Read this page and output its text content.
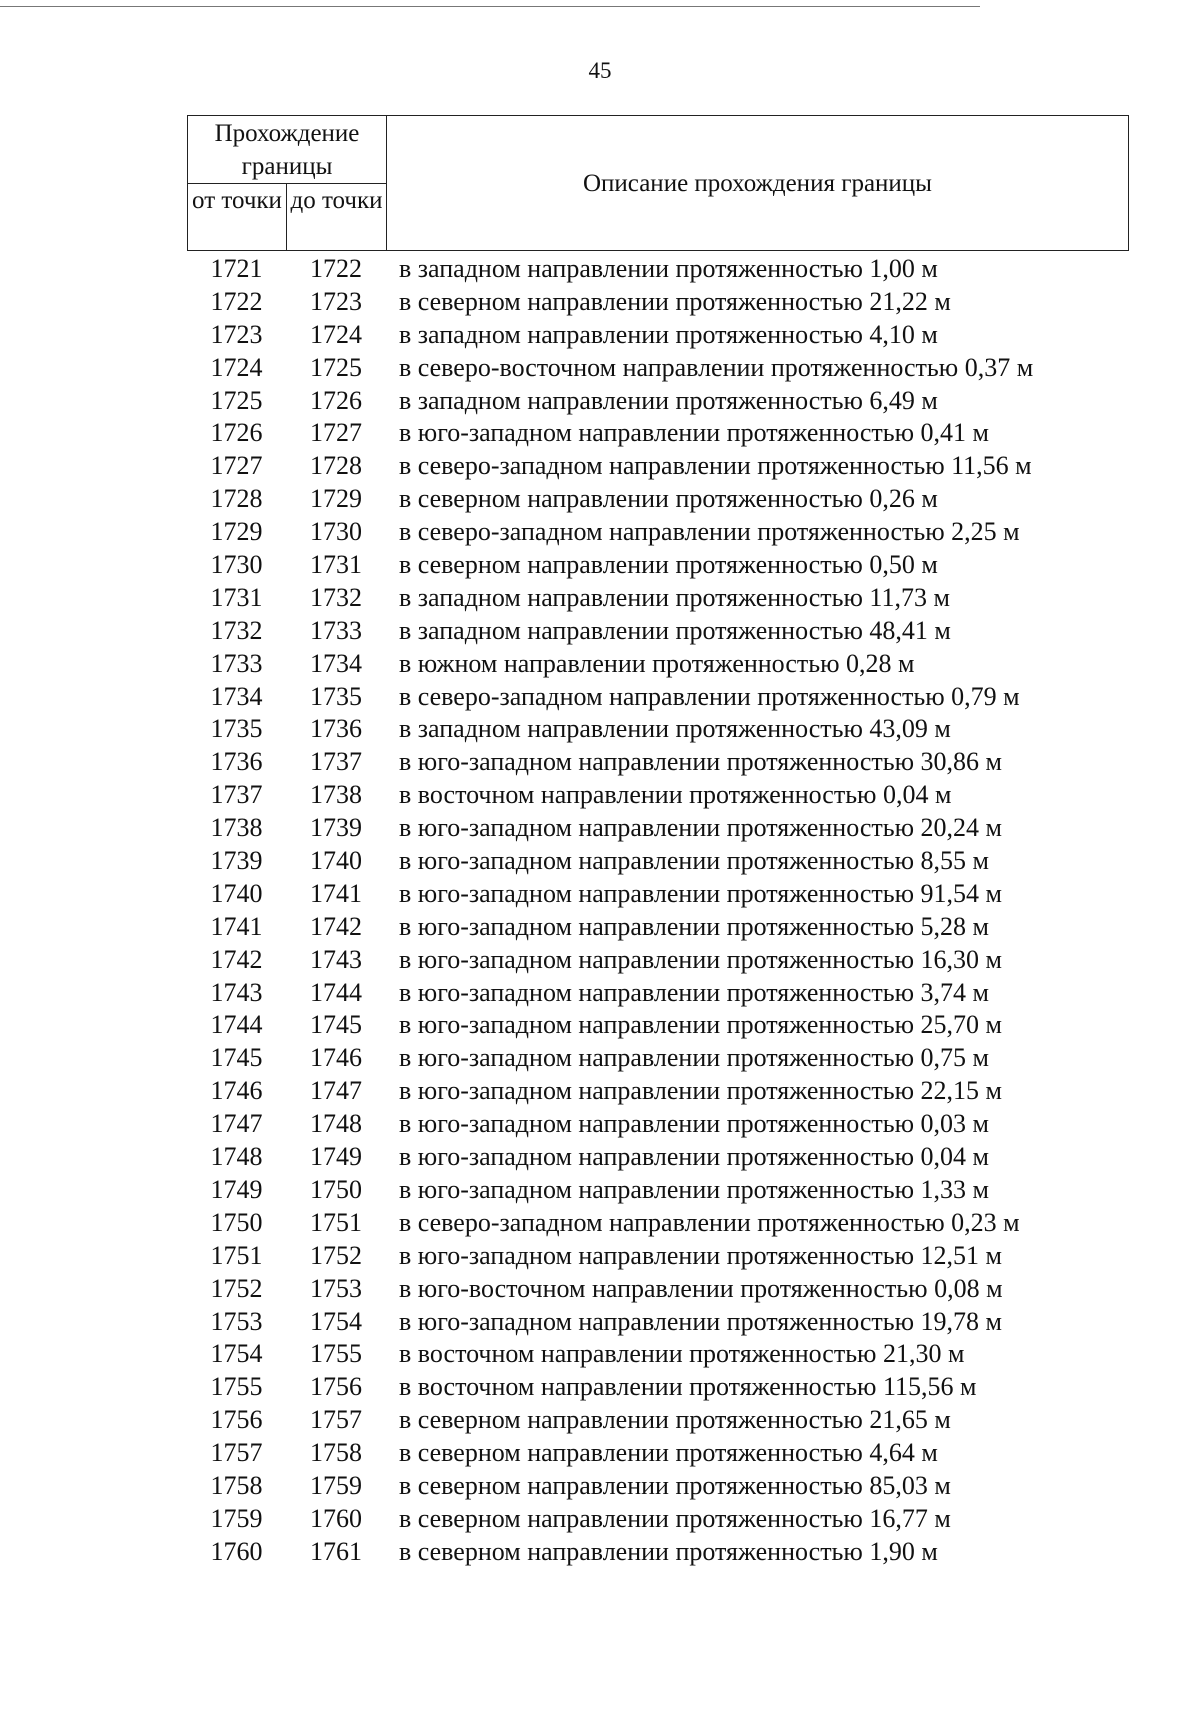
45
Прохождение границы
от точки до точки
Описание прохождения границы
1721	1722	в западном направлении протяженностью 1,00 м
1722	1723	в северном направлении протяженностью 21,22 м
1723	1724	в западном направлении протяженностью 4,10 м
1724	1725	в северо-восточном направлении протяженностью 0,37 м
1725	1726	в западном направлении протяженностью 6,49 м
1726	1727	в юго-западном направлении протяженностью 0,41 м
1727	1728	в северо-западном направлении протяженностью 11,56 м
1728	1729	в северном направлении протяженностью 0,26 м
1729	1730	в северо-западном направлении протяженностью 2,25 м
1730	1731	в северном направлении протяженностью 0,50 м
1731	1732	в западном направлении протяженностью 11,73 м
1732	1733	в западном направлении протяженностью 48,41 м
1733	1734	в южном направлении протяженностью 0,28 м
1734	1735	в северо-западном направлении протяженностью 0,79 м
1735	1736	в западном направлении протяженностью 43,09 м
1736	1737	в юго-западном направлении протяженностью 30,86 м
1737	1738	в восточном направлении протяженностью 0,04 м
1738	1739	в юго-западном направлении протяженностью 20,24 м
1739	1740	в юго-западном направлении протяженностью 8,55 м
1740	1741	в юго-западном направлении протяженностью 91,54 м
1741	1742	в юго-западном направлении протяженностью 5,28 м
1742	1743	в юго-западном направлении протяженностью 16,30 м
1743	1744	в юго-западном направлении протяженностью 3,74 м
1744	1745	в юго-западном направлении протяженностью 25,70 м
1745	1746	в юго-западном направлении протяженностью 0,75 м
1746	1747	в юго-западном направлении протяженностью 22,15 м
1747	1748	в юго-западном направлении протяженностью 0,03 м
1748	1749	в юго-западном направлении протяженностью 0,04 м
1749	1750	в юго-западном направлении протяженностью 1,33 м
1750	1751	в северо-западном направлении протяженностью 0,23 м
1751	1752	в юго-западном направлении протяженностью 12,51 м
1752	1753	в юго-восточном направлении протяженностью 0,08 м
1753	1754	в юго-западном направлении протяженностью 19,78 м
1754	1755	в восточном направлении протяженностью 21,30 м
1755	1756	в восточном направлении протяженностью 115,56 м
1756	1757	в северном направлении протяженностью 21,65 м
1757	1758	в северном направлении протяженностью 4,64 м
1758	1759	в северном направлении протяженностью 85,03 м
1759	1760	в северном направлении протяженностью 16,77 м
1760	1761	в северном направлении протяженностью 1,90 м
